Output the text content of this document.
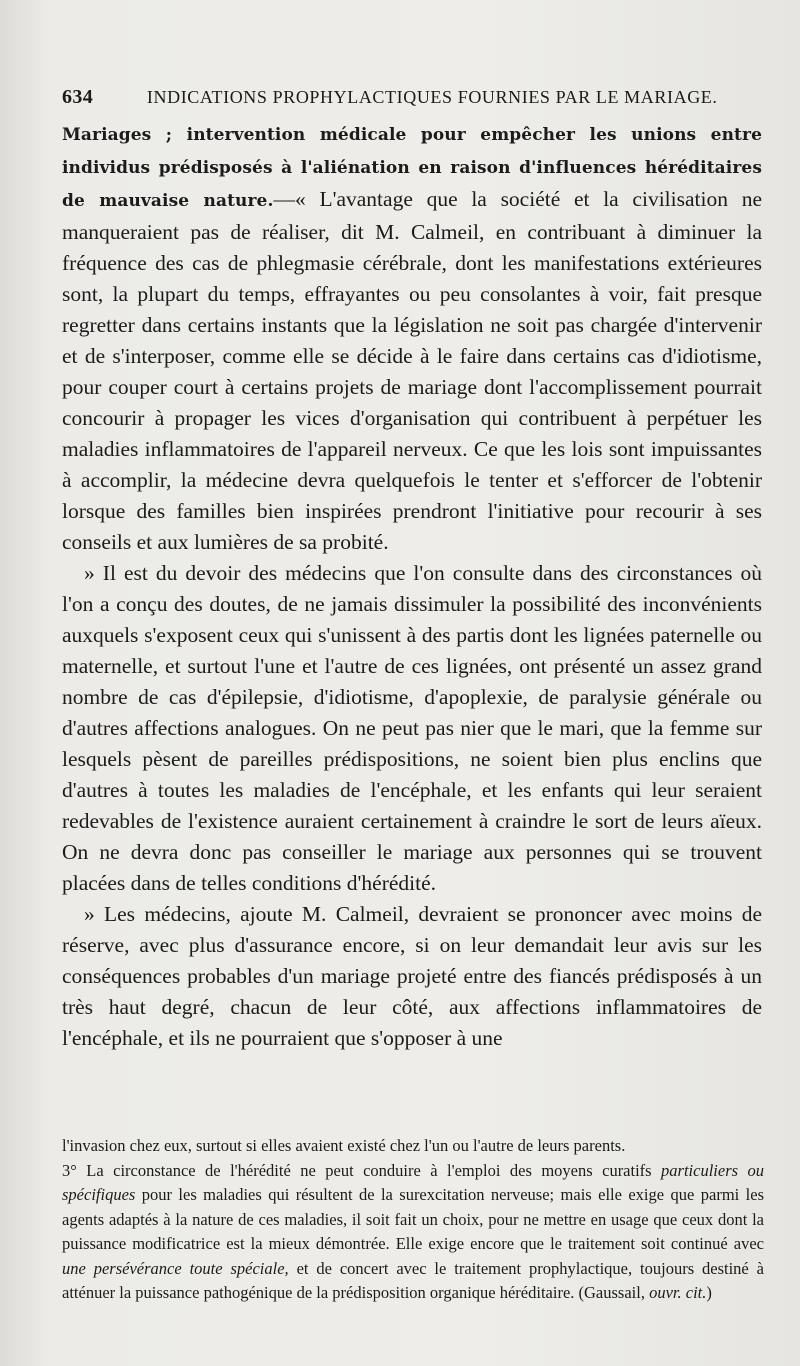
634	INDICATIONS PROPHYLACTIQUES FOURNIES PAR LE MARIAGE.

Mariages ; intervention médicale pour empêcher les unions entre individus prédisposés à l'aliénation en raison d'influences héréditaires de mauvaise nature.—« L'avantage que la société et la civilisation ne manqueraient pas de réaliser, dit M. Calmeil, en contribuant à diminuer la fréquence des cas de phlegmasie cérébrale, dont les manifestations extérieures sont, la plupart du temps, effrayantes ou peu consolantes à voir, fait presque regretter dans certains instants que la législation ne soit pas chargée d'intervenir et de s'interposer, comme elle se décide à le faire dans certains cas d'idiotisme, pour couper court à certains projets de mariage dont l'accomplissement pourrait concourir à propager les vices d'organisation qui contribuent à perpétuer les maladies inflammatoires de l'appareil nerveux. Ce que les lois sont impuissantes à accomplir, la médecine devra quelquefois le tenter et s'efforcer de l'obtenir lorsque des familles bien inspirées prendront l'initiative pour recourir à ses conseils et aux lumières de sa probité.

» Il est du devoir des médecins que l'on consulte dans des circonstances où l'on a conçu des doutes, de ne jamais dissimuler la possibilité des inconvénients auxquels s'exposent ceux qui s'unissent à des partis dont les lignées paternelle ou maternelle, et surtout l'une et l'autre de ces lignées, ont présenté un assez grand nombre de cas d'épilepsie, d'idiotisme, d'apoplexie, de paralysie générale ou d'autres affections analogues. On ne peut pas nier que le mari, que la femme sur lesquels pèsent de pareilles prédispositions, ne soient bien plus enclins que d'autres à toutes les maladies de l'encéphale, et les enfants qui leur seraient redevables de l'existence auraient certainement à craindre le sort de leurs aïeux. On ne devra donc pas conseiller le mariage aux personnes qui se trouvent placées dans de telles conditions d'hérédité.

» Les médecins, ajoute M. Calmeil, devraient se prononcer avec moins de réserve, avec plus d'assurance encore, si on leur demandait leur avis sur les conséquences probables d'un mariage projeté entre des fiancés prédisposés à un très haut degré, chacun de leur côté, aux affections inflammatoires de l'encéphale, et ils ne pourraient que s'opposer à une

l'invasion chez eux, surtout si elles avaient existé chez l'un ou l'autre de leurs parents.

3° La circonstance de l'hérédité ne peut conduire à l'emploi des moyens curatifs particuliers ou spécifiques pour les maladies qui résultent de la surexcitation nerveuse; mais elle exige que parmi les agents adaptés à la nature de ces maladies, il soit fait un choix, pour ne mettre en usage que ceux dont la puissance modificatrice est la mieux démontrée. Elle exige encore que le traitement soit continué avec une persévérance toute spéciale, et de concert avec le traitement prophylactique, toujours destiné à atténuer la puissance pathogénique de la prédisposition organique héréditaire. (Gaussail, ouvr. cit.)
